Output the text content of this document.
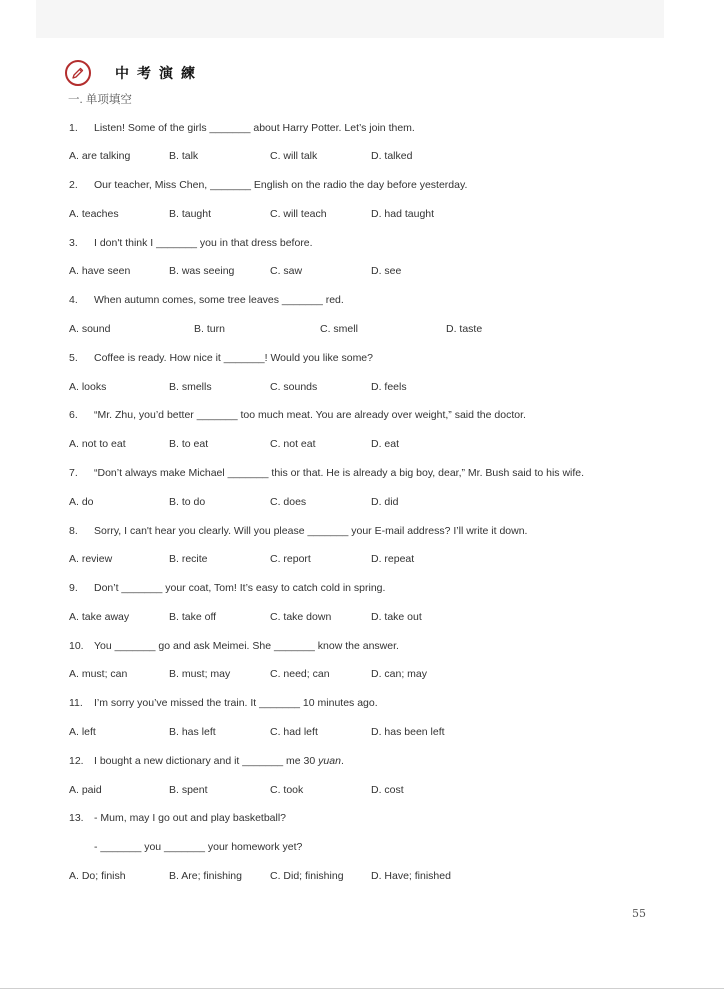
中考演練
一. 单项填空
1. Listen! Some of the girls _______ about Harry Potter. Let’s join them.
A. are talking	B. talk	C. will talk	D. talked
2. Our teacher, Miss Chen, _______ English on the radio the day before yesterday.
A. teaches	B. taught	C. will teach	D. had taught
3. I don't think I _______ you in that dress before.
A. have seen	B. was seeing	C. saw	D. see
4. When autumn comes, some tree leaves _______ red.
A. sound	B. turn	C. smell	D. taste
5. Coffee is ready. How nice it _______! Would you like some?
A. looks	B. smells	C. sounds	D. feels
6. “Mr. Zhu, you’d better _______ too much meat. You are already over weight,” said the doctor.
A. not to eat	B. to eat	C. not eat	D. eat
7. “Don’t always make Michael _______ this or that. He is already a big boy, dear,” Mr. Bush said to his wife.
A. do	B. to do	C. does	D. did
8. Sorry, I can't hear you clearly. Will you please _______ your E-mail address? I’ll write it down.
A. review	B. recite	C. report	D. repeat
9. Don’t _______ your coat, Tom! It’s easy to catch cold in spring.
A. take away	B. take off	C. take down	D. take out
10. You _______ go and ask Meimei. She _______ know the answer.
A. must; can	B. must; may	C. need; can	D. can; may
11. I’m sorry you’ve missed the train. It _______ 10 minutes ago.
A. left	B. has left	C. had left	D. has been left
12. I bought a new dictionary and it _______ me 30 yuan.
A. paid	B. spent	C. took	D. cost
13. - Mum, may I go out and play basketball?
- _______ you _______ your homework yet?
A. Do; finish	B. Are; finishing	C. Did; finishing	D. Have; finished
55
